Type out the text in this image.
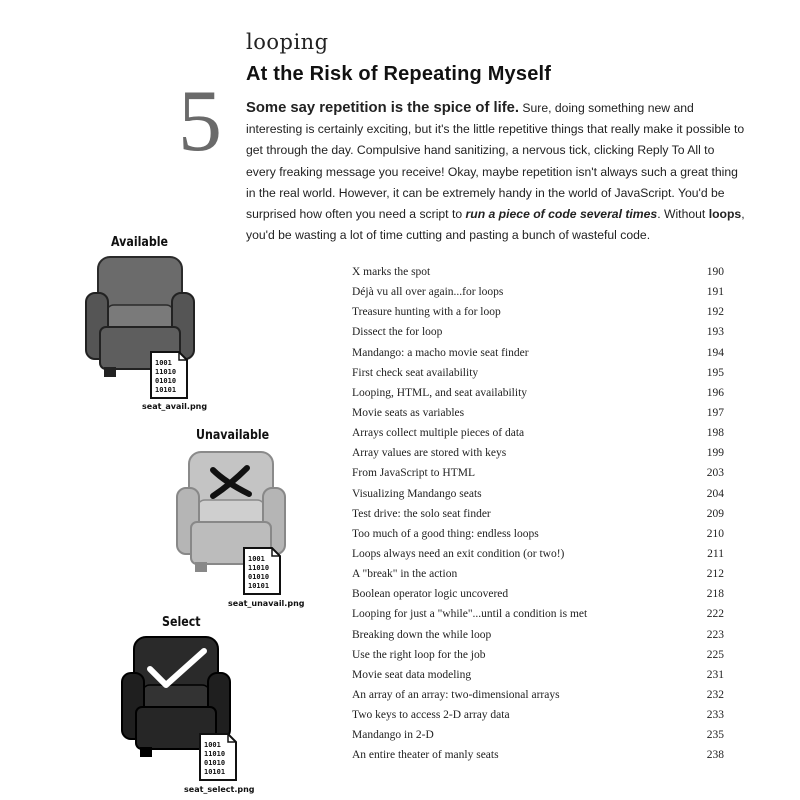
looping
5 At the Risk of Repeating Myself
Some say repetition is the spice of life. Sure, doing something new and interesting is certainly exciting, but it's the little repetitive things that really make it possible to get through the day. Compulsive hand sanitizing, a nervous tick, clicking Reply To All to every freaking message you receive! Okay, maybe repetition isn't always such a great thing in the real world. However, it can be extremely handy in the world of JavaScript. You'd be surprised how often you need a script to run a piece of code several times. Without loops, you'd be wasting a lot of time cutting and pasting a bunch of wasteful code.
Available
1001
11010
01010
10101
seat_avail.png
Unavailable
1001
11010
01010
10101
seat_unavail.png
Select
1001
11010
01010
10101
seat_select.png
X marks the spot	190
Déjà vu all over again...for loops	191
Treasure hunting with a for loop	192
Dissect the for loop	193
Mandango: a macho movie seat finder	194
First check seat availability	195
Looping, HTML, and seat availability	196
Movie seats as variables	197
Arrays collect multiple pieces of data	198
Array values are stored with keys	199
From JavaScript to HTML	203
Visualizing Mandango seats	204
Test drive: the solo seat finder	209
Too much of a good thing: endless loops	210
Loops always need an exit condition (or two!)	211
A "break" in the action	212
Boolean operator logic uncovered	218
Looping for just a "while"...until a condition is met	222
Breaking down the while loop	223
Use the right loop for the job	225
Movie seat data modeling	231
An array of an array: two-dimensional arrays	232
Two keys to access 2-D array data	233
Mandango in 2-D	235
An entire theater of manly seats	238
